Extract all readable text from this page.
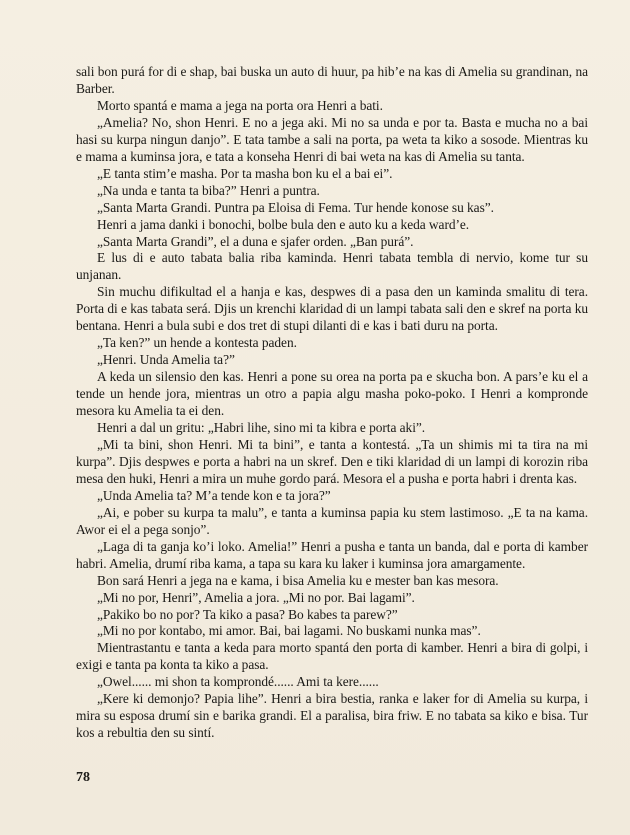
sali bon purá for di e shap, bai buska un auto di huur, pa hib’e na kas di Amelia su grandinan, na Barber.

Morto spantá e mama a jega na porta ora Henri a bati.

„Amelia? No, shon Henri. E no a jega aki. Mi no sa unda e por ta. Basta e mucha no a bai hasi su kurpa ningun danjo”. E tata tambe a sali na porta, pa weta ta kiko a sosode. Mientras ku e mama a kuminsa jora, e tata a konseha Henri di bai weta na kas di Amelia su tanta.

„E tanta stim’e masha. Por ta masha bon ku el a bai ei”.

„Na unda e tanta ta biba?” Henri a puntra.

„Santa Marta Grandi. Puntra pa Eloisa di Fema. Tur hende konose su kas”.

Henri a jama danki i bonochi, bolbe bula den e auto ku a keda ward’e.

„Santa Marta Grandi”, el a duna e sjafer orden. „Ban purá”.

E lus di e auto tabata balia riba kaminda. Henri tabata tembla di nervio, kome tur su unjanan.

Sin muchu difikultad el a hanja e kas, despwes di a pasa den un kaminda smalitu di tera. Porta di e kas tabata será. Djis un krenchi klaridad di un lampi tabata sali den e skref na porta ku bentana. Henri a bula subi e dos tret di stupi dilanti di e kas i bati duru na porta.

„Ta ken?” un hende a kontesta paden.

„Henri. Unda Amelia ta?”

A keda un silensio den kas. Henri a pone su orea na porta pa e skucha bon. A pars’e ku el a tende un hende jora, mientras un otro a papia algu masha poko-poko. I Henri a kompronde mesora ku Amelia ta ei den.

Henri a dal un gritu: „Habri lihe, sino mi ta kibra e porta aki”.

„Mi ta bini, shon Henri. Mi ta bini”, e tanta a kontestá. „Ta un shimis mi ta tira na mi kurpa”. Djis despwes e porta a habri na un skref. Den e tiki klaridad di un lampi di korozin riba mesa den huki, Henri a mira un muhe gordo pará. Mesora el a pusha e porta habri i drenta kas.

„Unda Amelia ta? M’a tende kon e ta jora?”

„Ai, e pober su kurpa ta malu”, e tanta a kuminsa papia ku stem lastimoso. „E ta na kama. Awor ei el a pega sonjo”.

„Laga di ta ganja ko’i loko. Amelia!” Henri a pusha e tanta un banda, dal e porta di kamber habri. Amelia, drumí riba kama, a tapa su kara ku laker i kuminsa jora amargamente.

Bon sará Henri a jega na e kama, i bisa Amelia ku e mester ban kas mesora.

„Mi no por, Henri”, Amelia a jora. „Mi no por. Bai lagami”.

„Pakiko bo no por? Ta kiko a pasa? Bo kabes ta parew?”

„Mi no por kontabo, mi amor. Bai, bai lagami. No buskami nunka mas”.

Mientrastantu e tanta a keda para morto spantá den porta di kamber. Henri a bira di golpi, i exigi e tanta pa konta ta kiko a pasa.

„Owel...... mi shon ta komprondé...... Ami ta kere......

„Kere ki demonjo? Papia lihe”. Henri a bira bestia, ranka e laker for di Amelia su kurpa, i mira su esposa drumí sin e barika grandi. El a paralisa, bira friw. E no tabata sa kiko e bisa. Tur kos a rebultia den su sintí.

78
